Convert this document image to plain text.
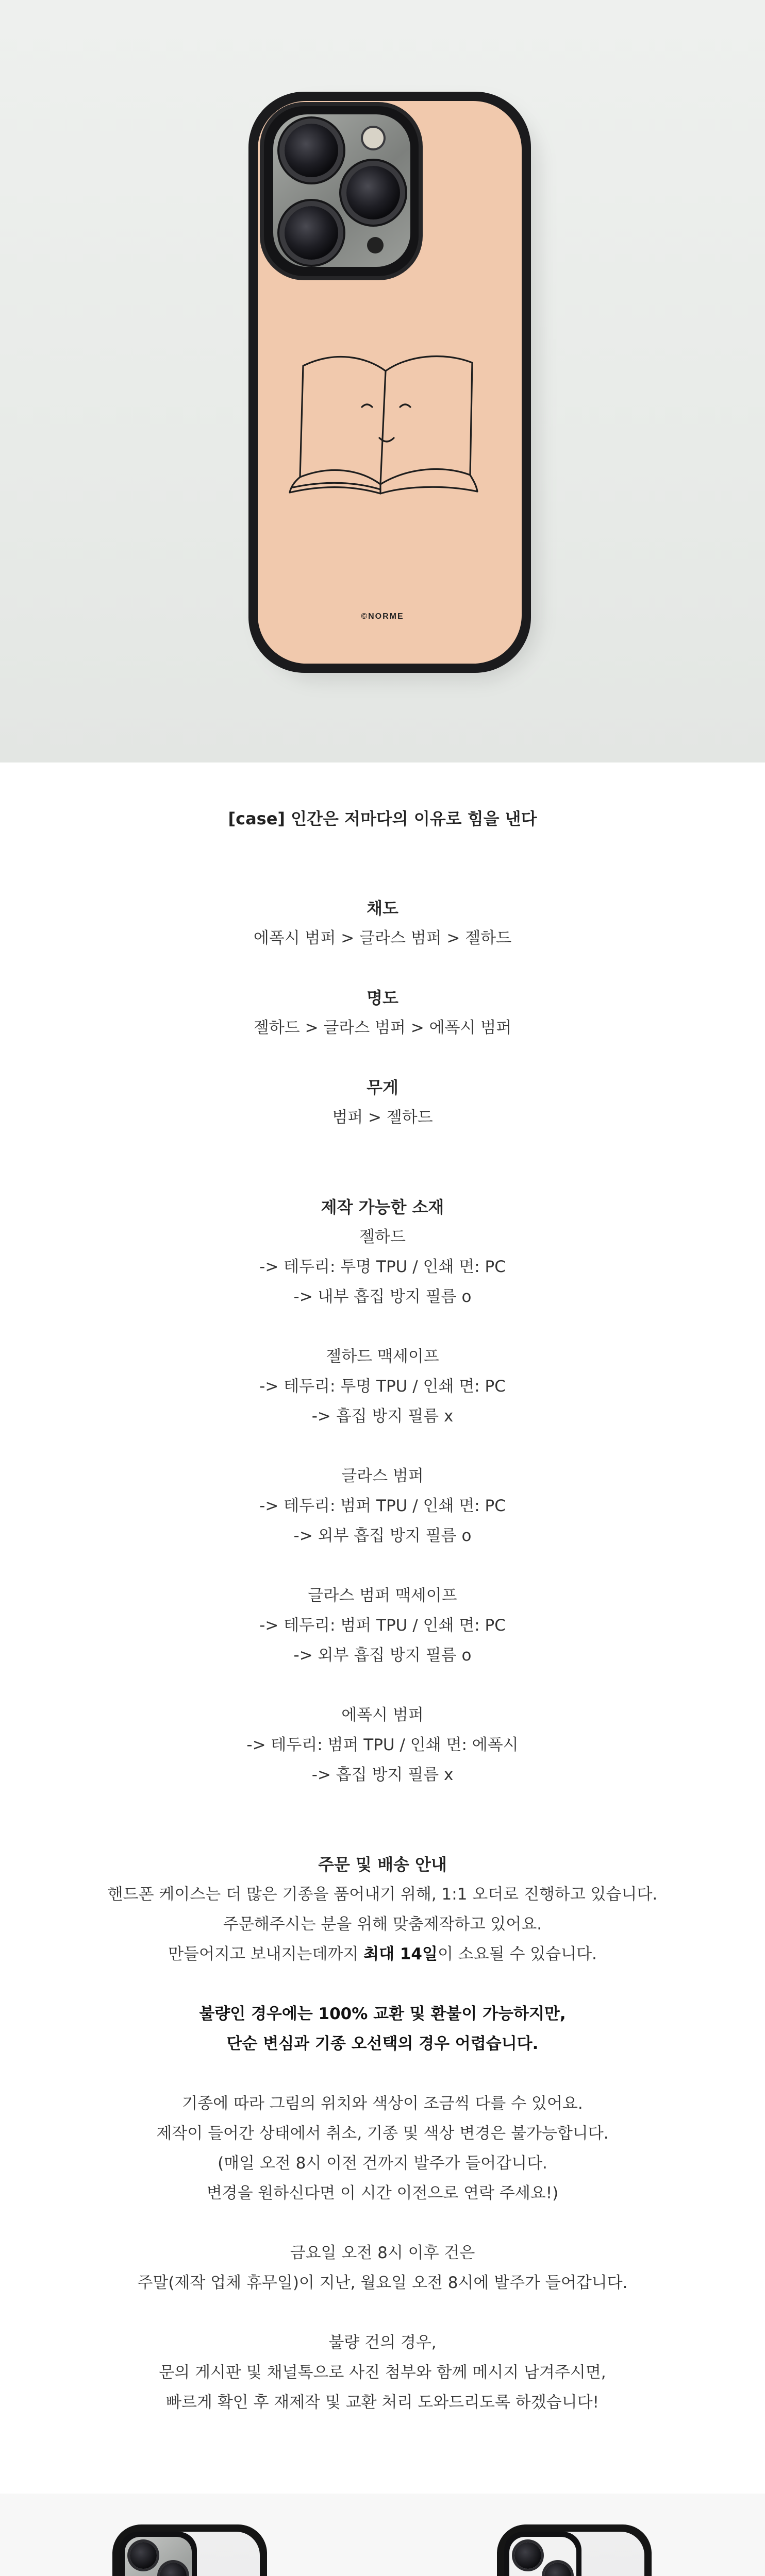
©NORME
[case] 인간은 저마다의 이유로 힘을 낸다
채도
에폭시 범퍼 > 글라스 범퍼 > 젤하드
명도
젤하드 > 글라스 범퍼 > 에폭시 범퍼
무게
범퍼 > 젤하드
제작 가능한 소재
젤하드
-> 테두리: 투명 TPU / 인쇄 면: PC
-> 내부 흡집 방지 필름 o
젤하드 맥세이프
-> 테두리: 투명 TPU / 인쇄 면: PC
-> 흡집 방지 필름 x
글라스 범퍼
-> 테두리: 범퍼 TPU / 인쇄 면: PC
-> 외부 흡집 방지 필름 o
글라스 범퍼 맥세이프
-> 테두리: 범퍼 TPU / 인쇄 면: PC
-> 외부 흡집 방지 필름 o
에폭시 범퍼
-> 테두리: 범퍼 TPU / 인쇄 면: 에폭시
-> 흡집 방지 필름 x
주문 및 배송 안내
핸드폰 케이스는 더 많은 기종을 품어내기 위해, 1:1 오더로 진행하고 있습니다.
주문해주시는 분을 위해 맞춤제작하고 있어요.
만들어지고 보내지는데까지 최대 14일이 소요될 수 있습니다.
불량인 경우에는 100% 교환 및 환불이 가능하지만,
단순 변심과 기종 오선택의 경우 어렵습니다.
기종에 따라 그림의 위치와 색상이 조금씩 다를 수 있어요.
제작이 들어간 상태에서 취소, 기종 및 색상 변경은 불가능합니다.
(매일 오전 8시 이전 건까지 발주가 들어갑니다.
변경을 원하신다면 이 시간 이전으로 연락 주세요!)
금요일 오전 8시 이후 건은
주말(제작 업체 휴무일)이 지난, 월요일 오전 8시에 발주가 들어갑니다.
불량 건의 경우,
문의 게시판 및 채널톡으로 사진 첨부와 함께 메시지 남겨주시면,
빠르게 확인 후 재제작 및 교환 처리 도와드리도록 하겠습니다!
